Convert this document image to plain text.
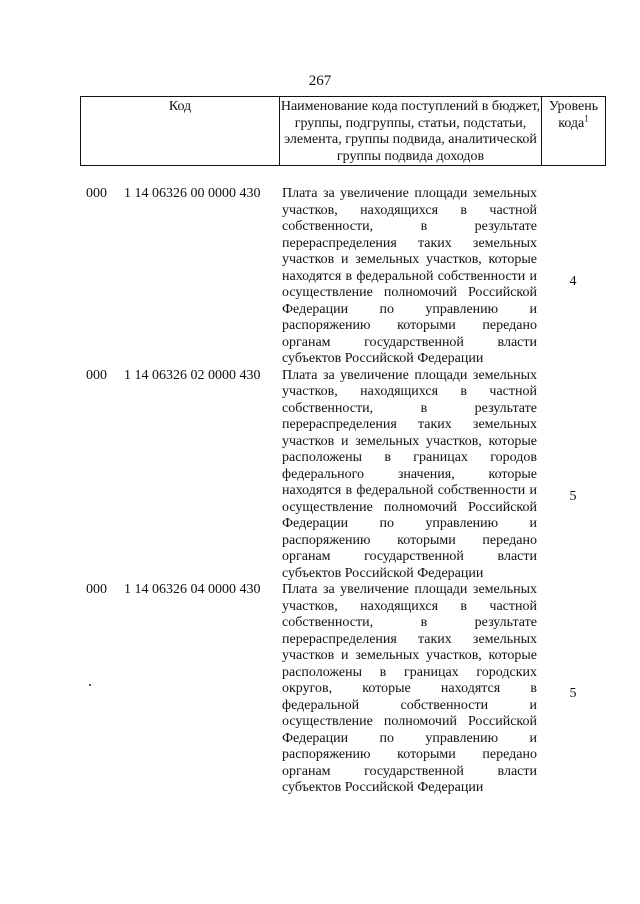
267
Код	Наименование кода поступлений в бюджет, группы, подгруппы, статьи, подстатьи, элемента, группы подвида, аналитической группы подвида доходов
Уровень кода$^1$
000 1 14 06326 00 0000 430 Плата за увеличение площади земельных участков, находящихся в частной собственности, в результате перераспределения таких земельных участков и земельных участков, которые находятся в федеральной собственности и осуществление полномочий Российской Федерации по управлению и распоряжению которыми передано органам государственной власти субъектов Российской Федерации
4
000 1 14 06326 02 0000 430 Плата за увеличение площади земельных участков, находящихся в частной собственности, в результате перераспределения таких земельных участков и земельных участков, которые расположены в границах городов федерального значения, которые находятся в федеральной собственности и осуществление полномочий Российской Федерации по управлению и распоряжению которыми передано органам государственной власти субъектов Российской Федерации
5
000 1 14 06326 04 0000 430 Плата за увеличение площади земельных участков, находящихся в частной собственности, в результате перераспределения таких земельных участков и земельных участков, которые расположены в границах городских округов, которые находятся в федеральной собственности и осуществление полномочий Российской Федерации по управлению и распоряжению которыми передано органам государственной власти субъектов Российской Федерации
5
